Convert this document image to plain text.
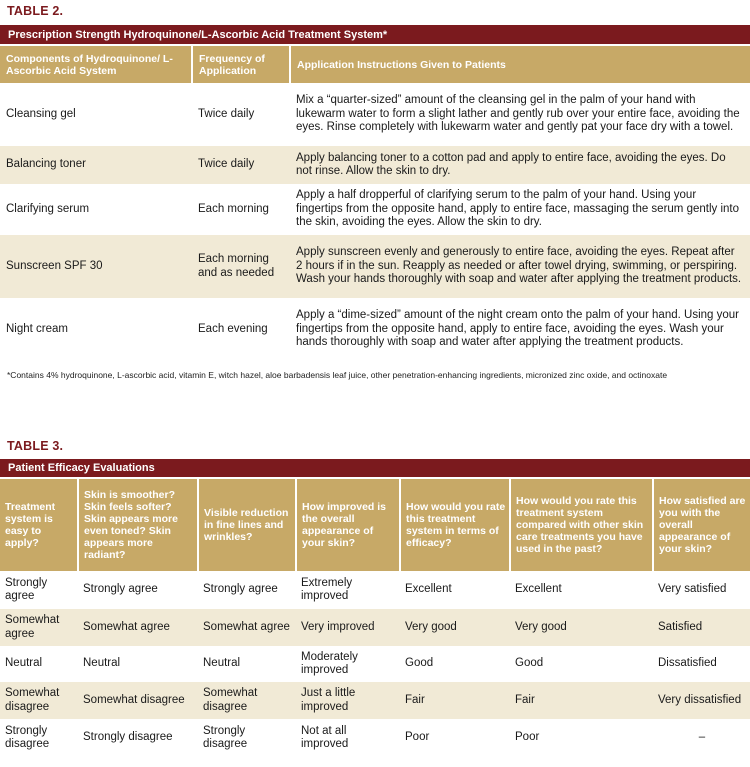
TABLE 2.
Prescription Strength Hydroquinone/L-Ascorbic Acid Treatment System*
Components of Hydroquinone/ L-Ascorbic Acid System	Frequency of Application	Application Instructions Given to Patients
Cleansing gel	Twice daily	Mix a “quarter-sized” amount of the cleansing gel in the palm of your hand with lukewarm water to form a slight lather and gently rub over your entire face, avoiding the eyes. Rinse completely with lukewarm water and gently pat your face dry with a towel.
Balancing toner	Twice daily	Apply balancing toner to a cotton pad and apply to entire face, avoiding the eyes. Do not rinse. Allow the skin to dry.
Clarifying serum	Each morning	Apply a half dropperful of clarifying serum to the palm of your hand. Using your fingertips from the opposite hand, apply to entire face, massaging the serum gently into the skin, avoiding the eyes. Allow the skin to dry.
Sunscreen SPF 30	Each morning and as needed	Apply sunscreen evenly and generously to entire face, avoiding the eyes. Repeat after 2 hours if in the sun. Reapply as needed or after towel drying, swimming, or perspiring. Wash your hands thoroughly with soap and water after applying the treatment products.
Night cream	Each evening	Apply a “dime-sized” amount of the night cream onto the palm of your hand. Using your fingertips from the opposite hand, apply to entire face, avoiding the eyes. Wash your hands thoroughly with soap and water after applying the treatment products.
*Contains 4% hydroquinone, L-ascorbic acid, vitamin E, witch hazel, aloe barbadensis leaf juice, other penetration-enhancing ingredients, micronized zinc oxide, and octinoxate
TABLE 3.
Patient Efficacy Evaluations
Treatment system is easy to apply?	Skin is smoother? Skin feels softer? Skin appears more even toned? Skin appears more radiant?	Visible reduction in fine lines and wrinkles?	How improved is the overall appearance of your skin?	How would you rate this treatment system in terms of efficacy?	How would you rate this treatment system compared with other skin care treatments you have used in the past?	How satisfied are you with the overall appearance of your skin?
Strongly agree	Strongly agree	Strongly agree	Extremely improved	Excellent	Excellent	Very satisfied
Somewhat agree	Somewhat agree	Somewhat agree	Very improved	Very good	Very good	Satisfied
Neutral	Neutral	Neutral	Moderately improved	Good	Good	Dissatisfied
Somewhat disagree	Somewhat disagree	Somewhat disagree	Just a little improved	Fair	Fair	Very dissatisfied
Strongly disagree	Strongly disagree	Strongly disagree	Not at all improved	Poor	Poor	–
